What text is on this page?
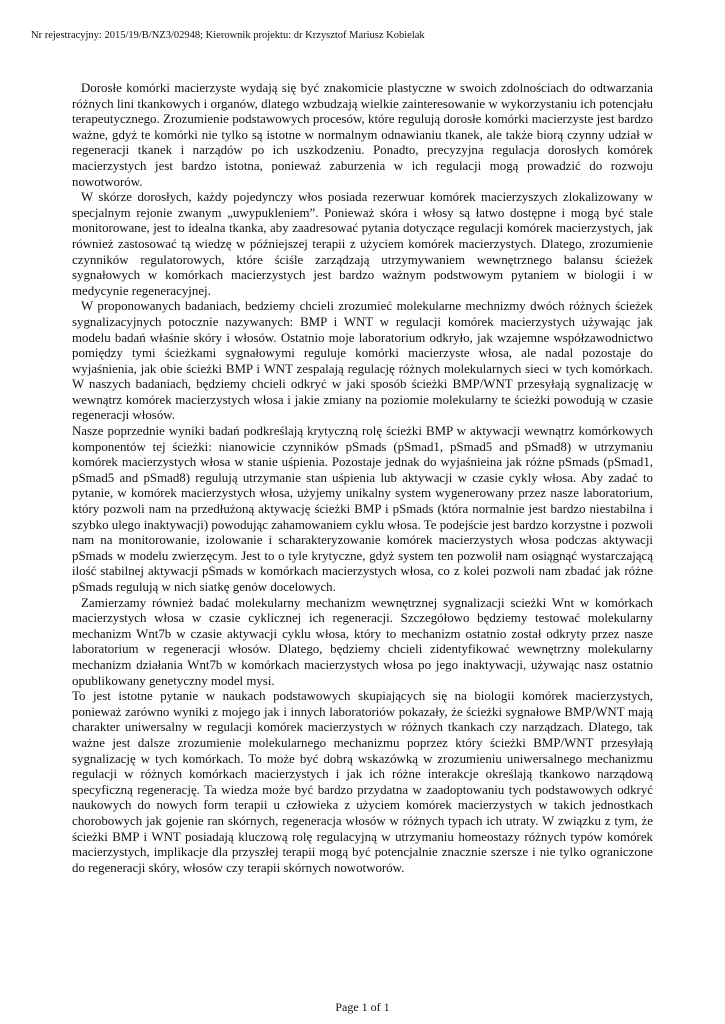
Nr rejestracyjny: 2015/19/B/NZ3/02948; Kierownik projektu: dr Krzysztof Mariusz Kobielak

Dorosłe komórki macierzyste wydają się być znakomicie plastyczne w swoich zdolnościach do odtwarzania różnych lini tkankowych i organów, dlatego wzbudzają wielkie zainteresowanie w wykorzystaniu ich potencjału terapeutycznego. Zrozumienie podstawowych procesów, które regulują dorosłe komórki macierzyste jest bardzo ważne, gdyż te komórki nie tylko są istotne w normalnym odnawianiu tkanek, ale także biorą czynny udział w regeneracji tkanek i narządów po ich uszkodzeniu. Ponadto, precyzyjna regulacja dorosłych komórek macierzystych jest bardzo istotna, ponieważ zaburzenia w ich regulacji mogą prowadzić do rozwoju nowotworów.

W skórze dorosłych, każdy pojedynczy włos posiada rezerwuar komórek macierzyszych zlokalizowany w specjalnym rejonie zwanym „uwypukleniem”. Ponieważ skóra i włosy są łatwo dostępne i mogą być stale monitorowane, jest to idealna tkanka, aby zaadresować pytania dotyczące regulacji komórek macierzystych, jak również zastosować tą wiedzę w późniejszej terapii z użyciem komórek macierzystych. Dlatego, zrozumienie czynników regulatorowych, które ściśle zarządzają utrzymywaniem wewnętrznego balansu ścieżek sygnałowych w komórkach macierzystych jest bardzo ważnym podstwowym pytaniem w biologii i w medycynie regeneracyjnej.

W proponowanych badaniach, bedziemy chcieli zrozumieć molekularne mechnizmy dwóch różnych ścieżek sygnalizacyjnych potocznie nazywanych: BMP i WNT w regulacji komórek macierzystych używając jak modelu badań właśnie skóry i włosów. Ostatnio moje laboratorium odkryło, jak wzajemne współzawodnictwo pomiędzy tymi ścieżkami sygnałowymi reguluje komórki macierzyste włosa, ale nadal pozostaje do wyjaśnienia, jak obie ścieżki BMP i WNT zespalają regulację różnych molekularnych sieci w tych komórkach. W naszych badaniach, będziemy chcieli odkryć w jaki sposób ścieżki BMP/WNT przesyłają sygnalizację w wewnątrz komórek macierzystych włosa i jakie zmiany na poziomie molekularny te ścieżki powodują w czasie regeneracji włosów.

Nasze poprzednie wyniki badań podkreślają krytyczną rolę ścieżki BMP w aktywacji wewnątrz komórkowych komponentów tej ścieżki: nianowicie czynników pSmads (pSmad1, pSmad5 and pSmad8) w utrzymaniu komórek macierzystych włosa w stanie uśpienia. Pozostaje jednak do wyjaśnieina jak różne pSmads (pSmad1, pSmad5 and pSmad8) regulują utrzymanie stan uśpienia lub aktywacji w czasie cykly włosa. Aby zadać to pytanie, w komórek macierzystych włosa, użyjemy unikalny system wygenerowany przez nasze laboratorium, który pozwoli nam na przedłużoną aktywację ścieżki BMP i pSmads (która normalnie jest bardzo niestabilna i szybko ulego inaktywacji) powodując zahamowaniem cyklu włosa. Te podejście jest bardzo korzystne i pozwoli nam na monitorowanie, izolowanie i scharakteryzowanie komórek macierzystych włosa podczas aktywacji pSmads w modelu zwierzęcym. Jest to o tyle krytyczne, gdyż system ten pozwolił nam osiągnąć wystarczającą ilość stabilnej aktywacji pSmads w komórkach macierzystych włosa, co z kolei pozwoli nam zbadać jak różne pSmads regulują w nich siatkę genów docelowych.

Zamierzamy również badać molekularny mechanizm wewnętrznej sygnalizacji scieżki Wnt w komórkach macierzystych włosa w czasie cyklicznej ich regeneracji. Szczegółowo będziemy testować molekularny mechanizm Wnt7b w czasie aktywacji cyklu włosa, który to mechanizm ostatnio został odkryty przez nasze laboratorium w regeneracji włosów. Dlatego, będziemy chcieli zidentyfikować wewnętrzny molekularny mechanizm działania Wnt7b w komórkach macierzystych włosa po jego inaktywacji, używając nasz ostatnio opublikowany genetyczny model mysi.

To jest istotne pytanie w naukach podstawowych skupiających się na biologii komórek macierzystych, ponieważ zarówno wyniki z mojego jak i innych laboratoriów pokazały, że ścieżki sygnałowe BMP/WNT mają charakter uniwersalny w regulacji komórek macierzystych w różnych tkankach czy narządzach. Dlatego, tak ważne jest dalsze zrozumienie molekularnego mechanizmu poprzez który ścieżki BMP/WNT przesyłają sygnalizację w tych komórkach. To może być dobrą wskazówką w zrozumieniu uniwersalnego mechanizmu regulacji w różnych komórkach macierzystych i jak ich różne interakcje określają tkankowo narządową specyficzną regenerację. Ta wiedza może być bardzo przydatna w zaadoptowaniu tych podstawowych odkryć naukowych do nowych form terapii u człowieka z użyciem komórek macierzystych w takich jednostkach chorobowych jak gojenie ran skórnych, regeneracja włosów w różnych typach ich utraty. W związku z tym, że ścieżki BMP i WNT posiadają kluczową rolę regulacyjną w utrzymaniu homeostazy różnych typów komórek macierzystych, implikacje dla przyszłej terapii mogą być potencjalnie znacznie szersze i nie tylko ograniczone do regeneracji skóry, włosów czy terapii skórnych nowotworów.

Page 1 of 1
